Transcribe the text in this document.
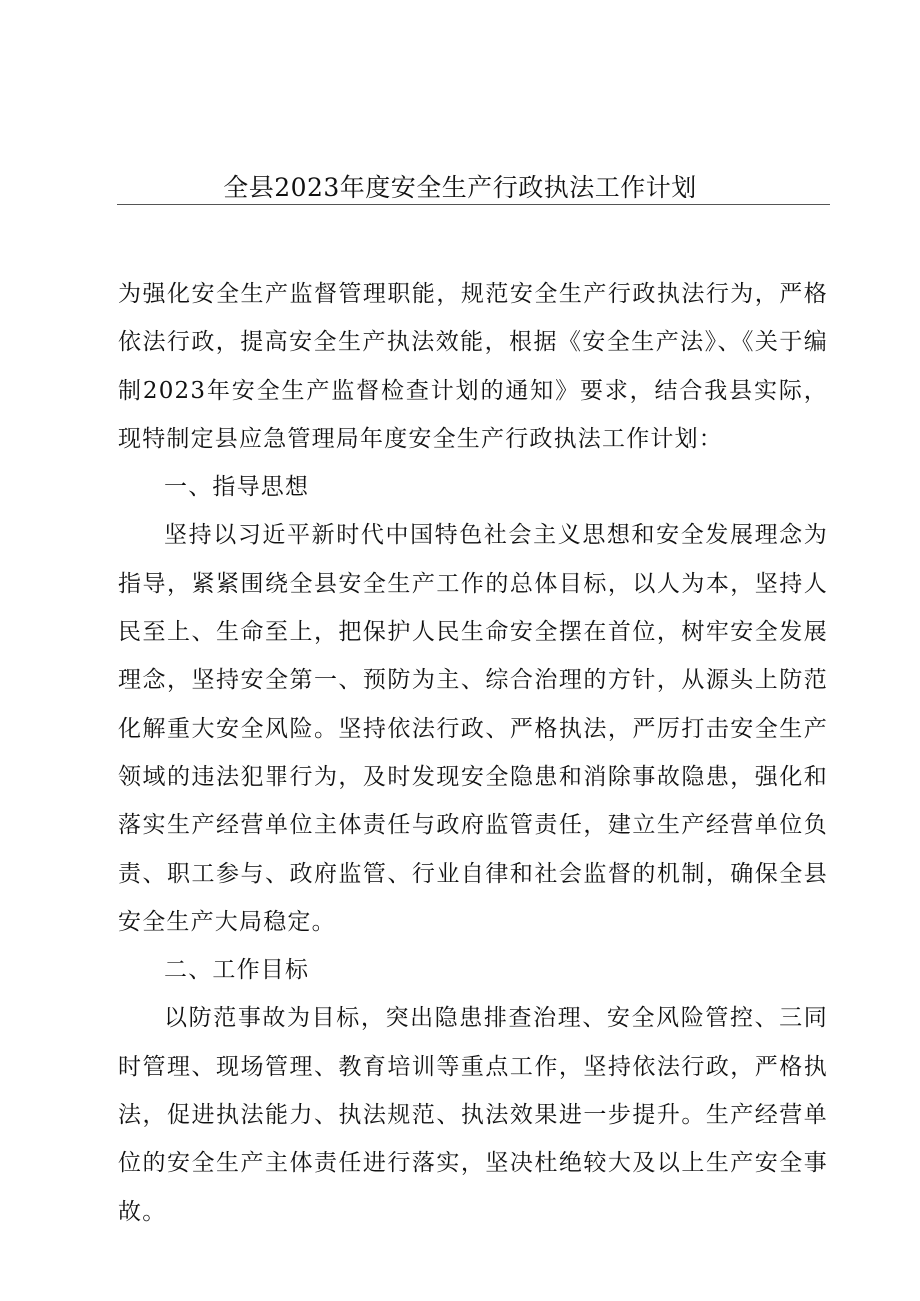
全县2023年度安全生产行政执法工作计划

为强化安全生产监督管理职能，规范安全生产行政执法行为，严格依法行政，提高安全生产执法效能，根据《安全生产法》、《关于编制2023年安全生产监督检查计划的通知》要求，结合我县实际，现特制定县应急管理局年度安全生产行政执法工作计划：

一、指导思想

坚持以习近平新时代中国特色社会主义思想和安全发展理念为指导，紧紧围绕全县安全生产工作的总体目标，以人为本，坚持人民至上、生命至上，把保护人民生命安全摆在首位，树牢安全发展理念，坚持安全第一、预防为主、综合治理的方针，从源头上防范化解重大安全风险。坚持依法行政、严格执法，严厉打击安全生产领域的违法犯罪行为，及时发现安全隐患和消除事故隐患，强化和落实生产经营单位主体责任与政府监管责任，建立生产经营单位负责、职工参与、政府监管、行业自律和社会监督的机制，确保全县安全生产大局稳定。

二、工作目标

以防范事故为目标，突出隐患排查治理、安全风险管控、三同时管理、现场管理、教育培训等重点工作，坚持依法行政，严格执法，促进执法能力、执法规范、执法效果进一步提升。生产经营单位的安全生产主体责任进行落实，坚决杜绝较大及以上生产安全事故。
